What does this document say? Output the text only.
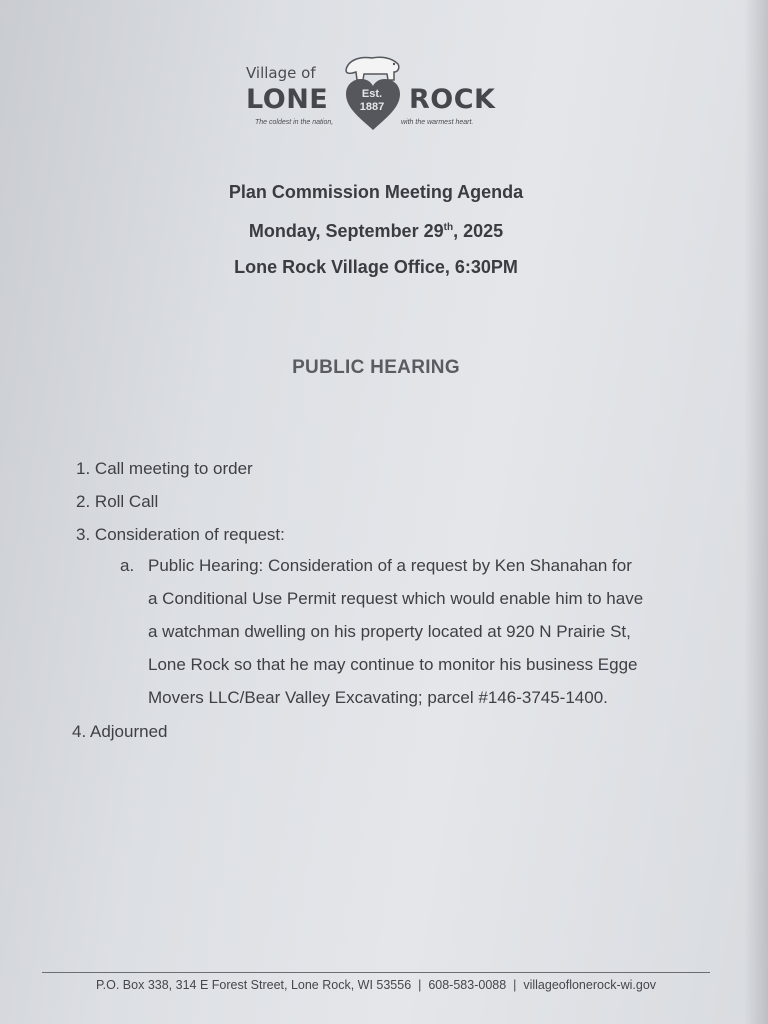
Village of
LONE	ROCK
Est.
1887
The coldest in the nation,	with the warmest heart.
Plan Commission Meeting Agenda
Monday, September 29th, 2025
Lone Rock Village Office, 6:30PM
PUBLIC HEARING
1. Call meeting to order
2. Roll Call
3. Consideration of request:
a. Public Hearing: Consideration of a request by Ken Shanahan for
a Conditional Use Permit request which would enable him to have
a watchman dwelling on his property located at 920 N Prairie St,
Lone Rock so that he may continue to monitor his business Egge
Movers LLC/Bear Valley Excavating; parcel #146-3745-1400.
4. Adjourned
P.O. Box 338, 314 E Forest Street, Lone Rock, WI 53556 | 608-583-0088 | villageoflonerock-wi.gov
